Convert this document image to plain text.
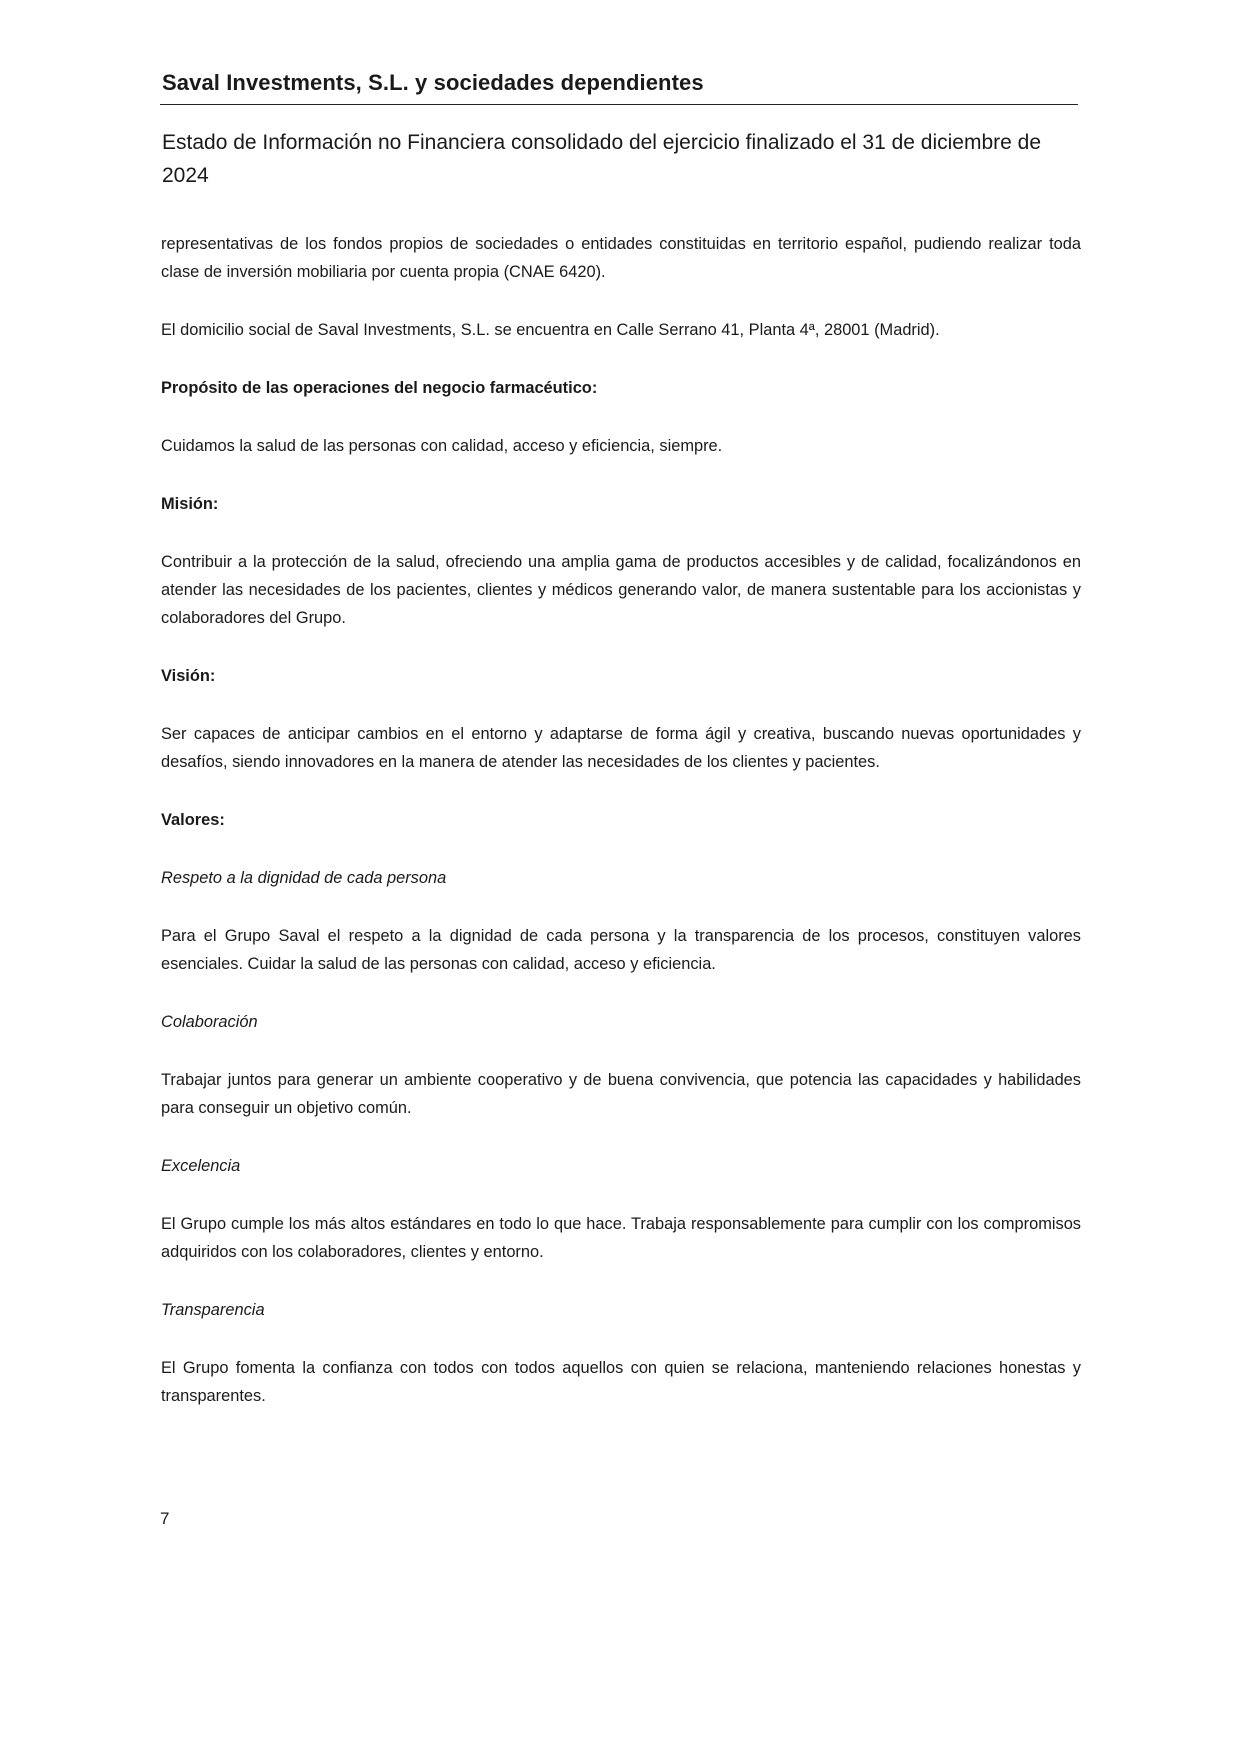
Saval Investments, S.L. y sociedades dependientes
Estado de Información no Financiera consolidado del ejercicio finalizado el 31 de diciembre de 2024

representativas de los fondos propios de sociedades o entidades constituidas en territorio español, pudiendo realizar toda clase de inversión mobiliaria por cuenta propia (CNAE 6420).

El domicilio social de Saval Investments, S.L. se encuentra en Calle Serrano 41, Planta 4ª, 28001 (Madrid).

Propósito de las operaciones del negocio farmacéutico:

Cuidamos la salud de las personas con calidad, acceso y eficiencia, siempre.

Misión:

Contribuir a la protección de la salud, ofreciendo una amplia gama de productos accesibles y de calidad, focalizándonos en atender las necesidades de los pacientes, clientes y médicos generando valor, de manera sustentable para los accionistas y colaboradores del Grupo.

Visión:

Ser capaces de anticipar cambios en el entorno y adaptarse de forma ágil y creativa, buscando nuevas oportunidades y desafíos, siendo innovadores en la manera de atender las necesidades de los clientes y pacientes.

Valores:

Respeto a la dignidad de cada persona

Para el Grupo Saval el respeto a la dignidad de cada persona y la transparencia de los procesos, constituyen valores esenciales. Cuidar la salud de las personas con calidad, acceso y eficiencia.

Colaboración

Trabajar juntos para generar un ambiente cooperativo y de buena convivencia, que potencia las capacidades y habilidades para conseguir un objetivo común.

Excelencia

El Grupo cumple los más altos estándares en todo lo que hace. Trabaja responsablemente para cumplir con los compromisos adquiridos con los colaboradores, clientes y entorno.

Transparencia

El Grupo fomenta la confianza con todos con todos aquellos con quien se relaciona, manteniendo relaciones honestas y transparentes.

7
